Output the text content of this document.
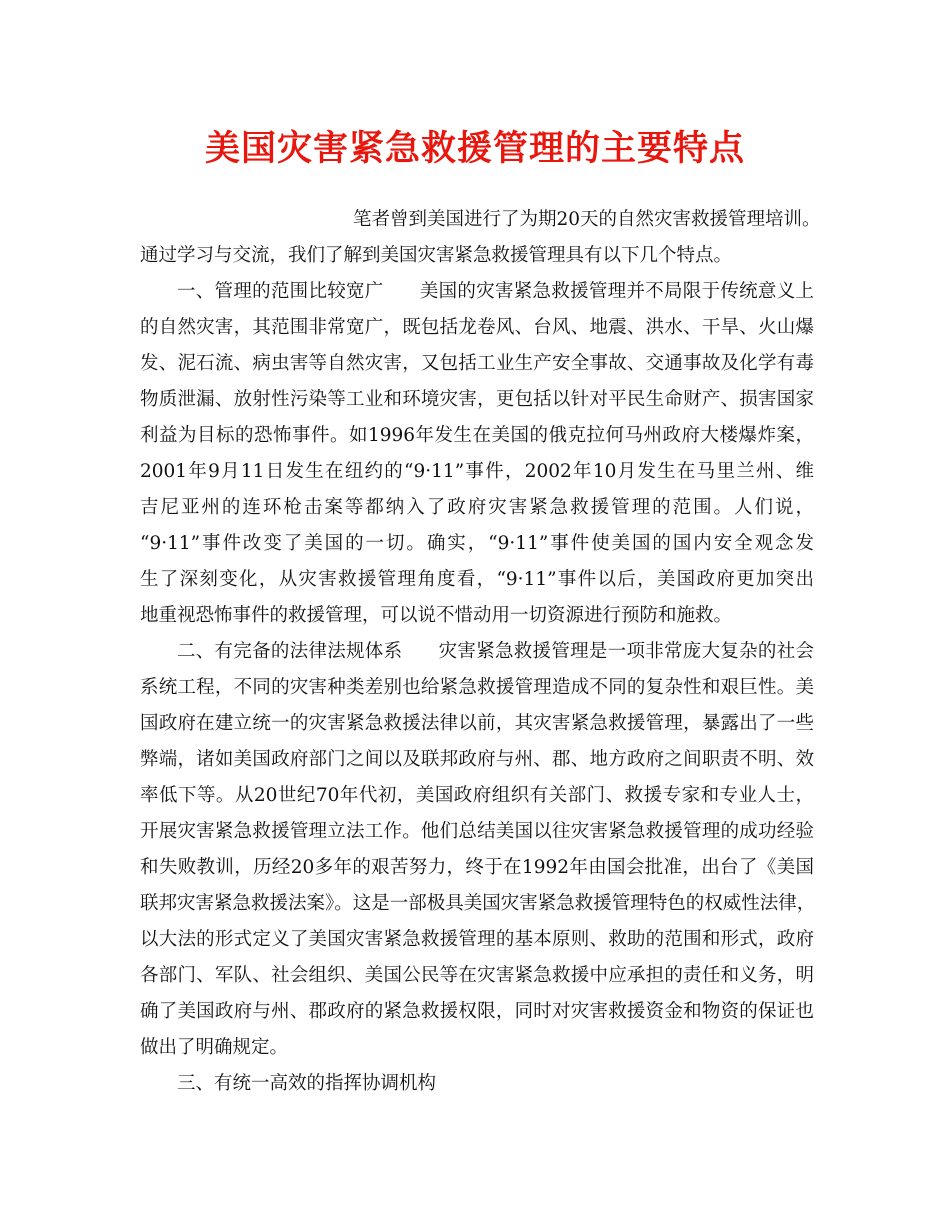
美国灾害紧急救援管理的主要特点
笔者曾到美国进行了为期20天的自然灾害救援管理培训。
通过学习与交流，我们了解到美国灾害紧急救援管理具有以下几个特点。
一、管理的范围比较宽广 美国的灾害紧急救援管理并不局限于传统意义上
的自然灾害，其范围非常宽广，既包括龙卷风、台风、地震、洪水、干旱、火山爆
发、泥石流、病虫害等自然灾害，又包括工业生产安全事故、交通事故及化学有毒
物质泄漏、放射性污染等工业和环境灾害，更包括以针对平民生命财产、损害国家
利益为目标的恐怖事件。如1996年发生在美国的俄克拉何马州政府大楼爆炸案，
2001年9月11日发生在纽约的“9·11”事件，2002年10月发生在马里兰州、维
吉尼亚州的连环枪击案等都纳入了政府灾害紧急救援管理的范围。人们说，
“9·11”事件改变了美国的一切。确实，“9·11”事件使美国的国内安全观念发
生了深刻变化，从灾害救援管理角度看，“9·11”事件以后，美国政府更加突出
地重视恐怖事件的救援管理，可以说不惜动用一切资源进行预防和施救。
二、有完备的法律法规体系 灾害紧急救援管理是一项非常庞大复杂的社会
系统工程，不同的灾害种类差别也给紧急救援管理造成不同的复杂性和艰巨性。美
国政府在建立统一的灾害紧急救援法律以前，其灾害紧急救援管理，暴露出了一些
弊端，诸如美国政府部门之间以及联邦政府与州、郡、地方政府之间职责不明、效
率低下等。从20世纪70年代初，美国政府组织有关部门、救援专家和专业人士，
开展灾害紧急救援管理立法工作。他们总结美国以往灾害紧急救援管理的成功经验
和失败教训，历经20多年的艰苦努力，终于在1992年由国会批准，出台了《美国
联邦灾害紧急救援法案》。这是一部极具美国灾害紧急救援管理特色的权威性法律，
以大法的形式定义了美国灾害紧急救援管理的基本原则、救助的范围和形式，政府
各部门、军队、社会组织、美国公民等在灾害紧急救援中应承担的责任和义务，明
确了美国政府与州、郡政府的紧急救援权限，同时对灾害救援资金和物资的保证也
做出了明确规定。
三、有统一高效的指挥协调机构
